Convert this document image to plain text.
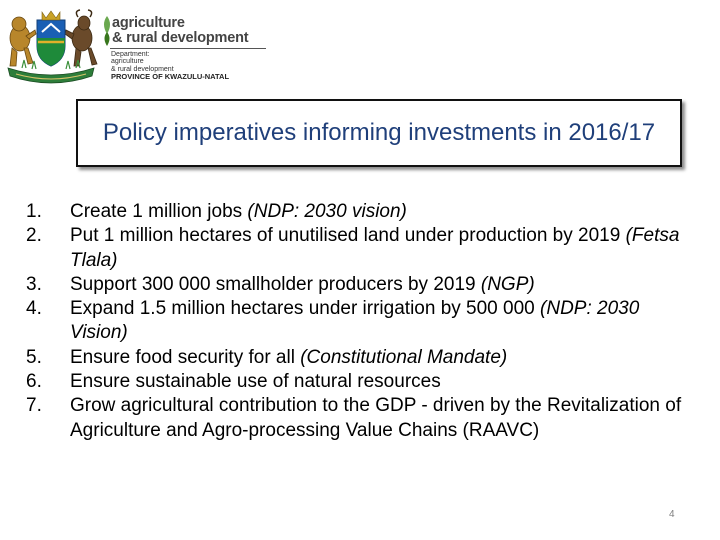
agriculture
& rural development
Department:
agriculture
& rural development
PROVINCE OF KWAZULU-NATAL
Policy imperatives informing investments in 2016/17
1. Create 1 million jobs (NDP: 2030 vision)
2. Put 1 million hectares of unutilised land under production by 2019 (Fetsa Tlala)
3. Support 300 000 smallholder producers by 2019 (NGP)
4. Expand 1.5 million hectares under irrigation by 500 000 (NDP: 2030 Vision)
5. Ensure food security for all (Constitutional Mandate)
6. Ensure sustainable use of natural resources
7. Grow agricultural contribution to the GDP - driven by the Revitalization of Agriculture and Agro-processing Value Chains (RAAVC)
4
